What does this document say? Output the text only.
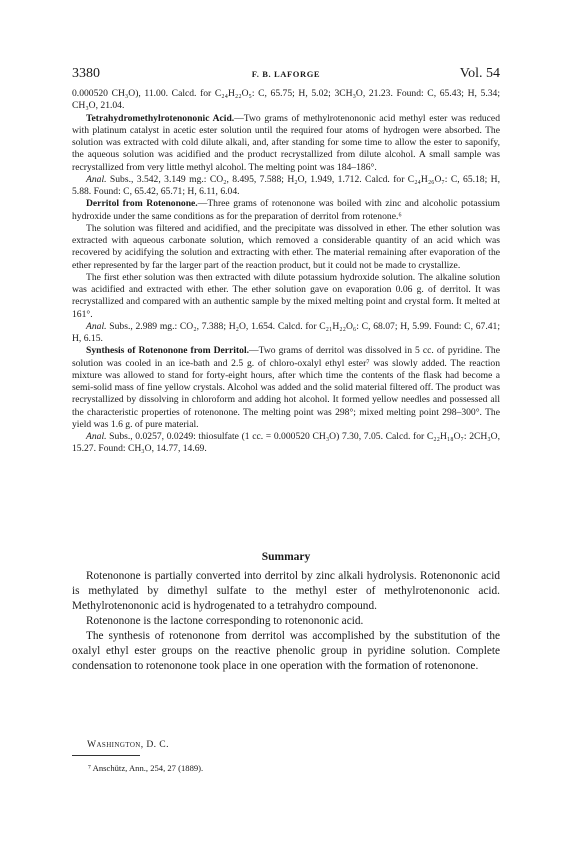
3380	F. B. LAFORGE	Vol. 54

0.000520 CH₃O), 11.00. Calcd. for C₂₄H₂₂O₅: C, 65.75; H, 5.02; 3CH₃O, 21.23. Found: C, 65.43; H, 5.34; CH₃O, 21.04.

Tetrahydromethylrotenononic Acid.—Two grams of methylrotenononic acid methyl ester was reduced with platinum catalyst in acetic ester solution until the required four atoms of hydrogen were absorbed. The solution was extracted with cold dilute alkali, and, after standing for some time to allow the ester to saponify, the aqueous solution was acidified and the product recrystallized from dilute alcohol. A small sample was recrystallized from very little methyl alcohol. The melting point was 184–186°.

Anal. Subs., 3.542, 3.149 mg.: CO₂, 8.495, 7.588; H₂O, 1.949, 1.712. Calcd. for C₂₄H₂₆O₇: C, 65.18; H, 5.88. Found: C, 65.42, 65.71; H, 6.11, 6.04.

Derritol from Rotenonone.—Three grams of rotenonone was boiled with zinc and alcoholic potassium hydroxide under the same conditions as for the preparation of derritol from rotenone.⁶

The solution was filtered and acidified, and the precipitate was dissolved in ether. The ether solution was extracted with aqueous carbonate solution, which removed a considerable quantity of an acid which was recovered by acidifying the solution and extracting with ether. The material remaining after evaporation of the ether represented by far the larger part of the reaction product, but it could not be made to crystallize.

The first ether solution was then extracted with dilute potassium hydroxide solution. The alkaline solution was acidified and extracted with ether. The ether solution gave on evaporation 0.06 g. of derritol. It was recrystallized and compared with an authentic sample by the mixed melting point and crystal form. It melted at 161°.

Anal. Subs., 2.989 mg.: CO₂, 7.388; H₂O, 1.654. Calcd. for C₂₁H₂₂O₆: C, 68.07; H, 5.99. Found: C, 67.41; H, 6.15.

Synthesis of Rotenonone from Derritol.—Two grams of derritol was dissolved in 5 cc. of pyridine. The solution was cooled in an ice-bath and 2.5 g. of chloro-oxalyl ethyl ester⁷ was slowly added. The reaction mixture was allowed to stand for forty-eight hours, after which time the contents of the flask had become a semi-solid mass of fine yellow crystals. Alcohol was added and the solid material filtered off. The product was recrystallized by dissolving in chloroform and adding hot alcohol. It formed yellow needles and possessed all the characteristic properties of rotenonone. The melting point was 298°; mixed melting point 298–300°. The yield was 1.6 g. of pure material.

Anal. Subs., 0.0257, 0.0249: thiosulfate (1 cc. = 0.000520 CH₃O) 7.30, 7.05. Calcd. for C₂₂H₁₈O₇: 2CH₃O, 15.27. Found: CH₃O, 14.77, 14.69.

Summary

Rotenonone is partially converted into derritol by zinc alkali hydrolysis. Rotenononic acid is methylated by dimethyl sulfate to the methyl ester of methylrotenononic acid. Methylrotenononic acid is hydrogenated to a tetrahydro compound.

Rotenonone is the lactone corresponding to rotenononic acid.

The synthesis of rotenonone from derritol was accomplished by the substitution of the oxalyl ethyl ester groups on the reactive phenolic group in pyridine solution. Complete condensation to rotenonone took place in one operation with the formation of rotenonone.

Washington, D. C.
⁷ Anschütz, Ann., 254, 27 (1889).
